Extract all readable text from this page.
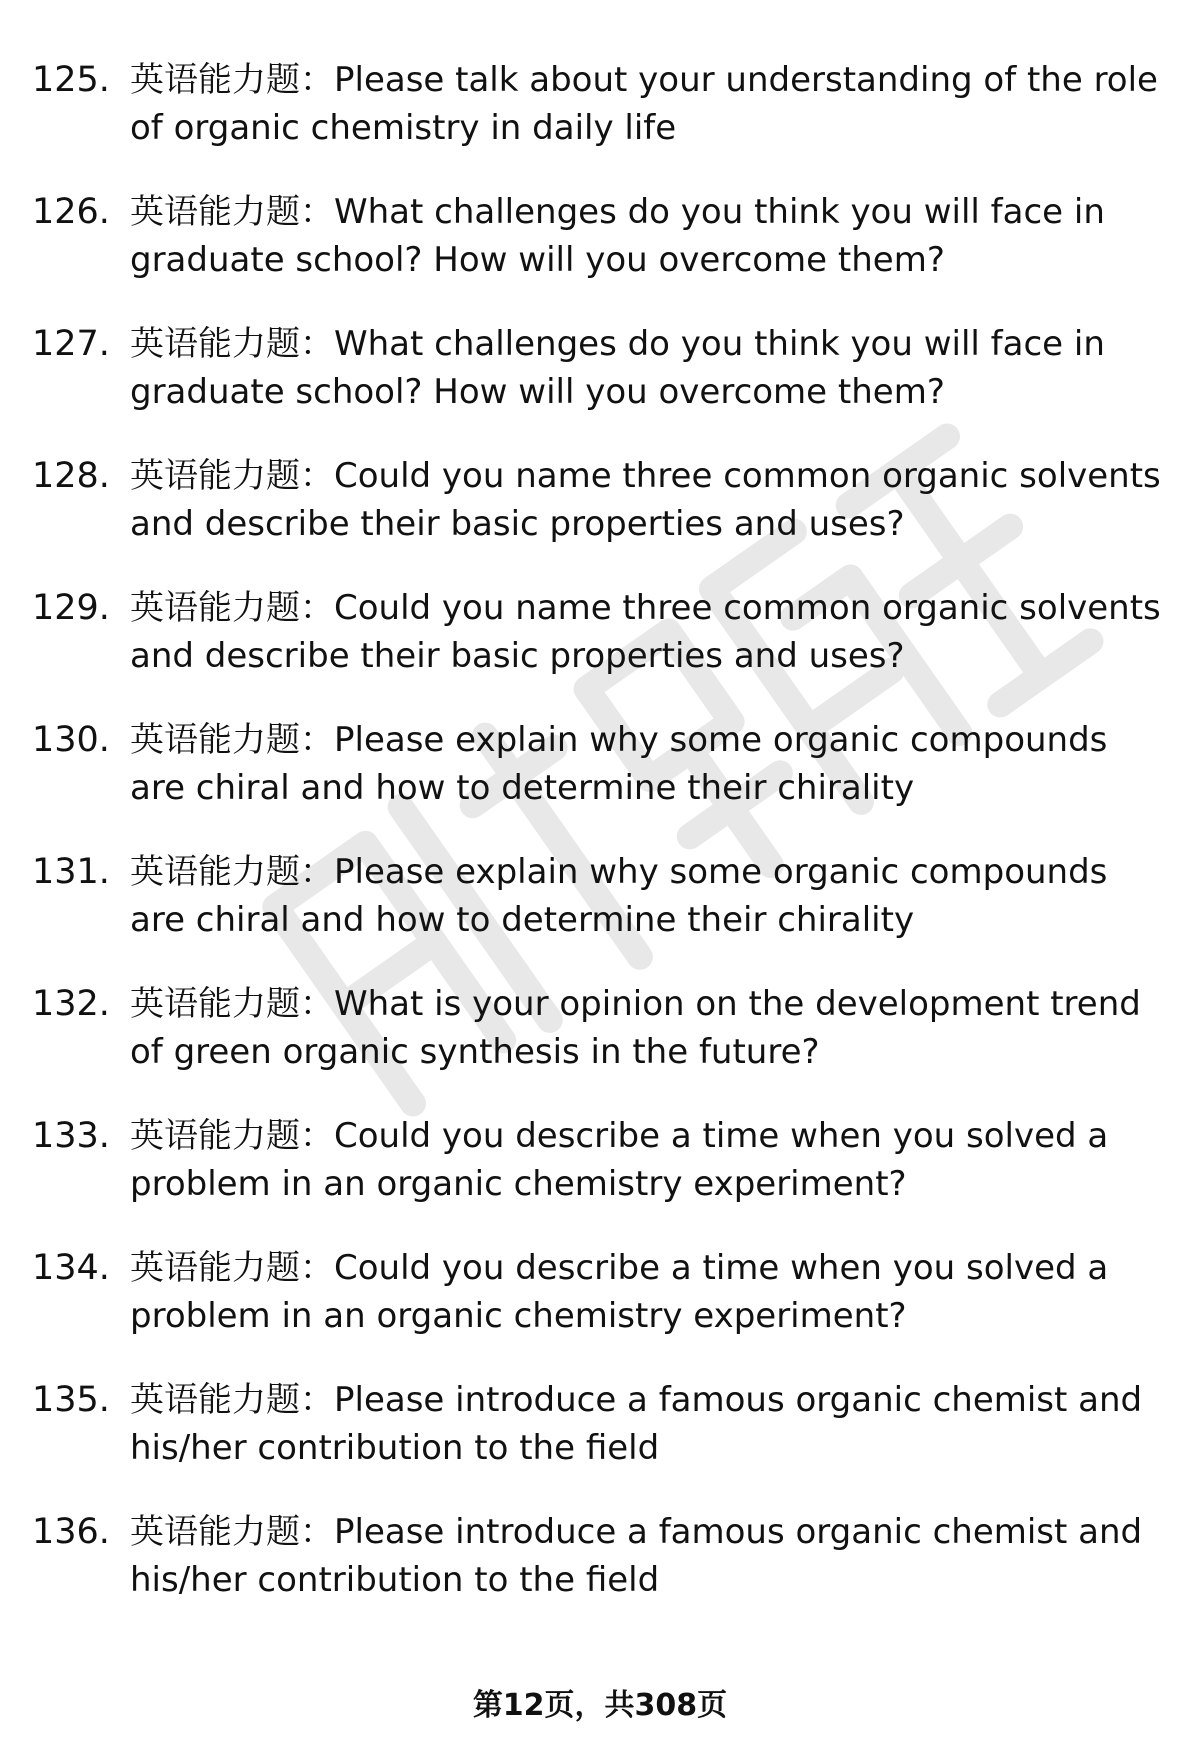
125. 英语能力题：Please talk about your understanding of the role of organic chemistry in daily life
126. 英语能力题：What challenges do you think you will face in graduate school? How will you overcome them?
127. 英语能力题：What challenges do you think you will face in graduate school? How will you overcome them?
128. 英语能力题：Could you name three common organic solvents and describe their basic properties and uses?
129. 英语能力题：Could you name three common organic solvents and describe their basic properties and uses?
130. 英语能力题：Please explain why some organic compounds are chiral and how to determine their chirality
131. 英语能力题：Please explain why some organic compounds are chiral and how to determine their chirality
132. 英语能力题：What is your opinion on the development trend of green organic synthesis in the future?
133. 英语能力题：Could you describe a time when you solved a problem in an organic chemistry experiment?
134. 英语能力题：Could you describe a time when you solved a problem in an organic chemistry experiment?
135. 英语能力题：Please introduce a famous organic chemist and his/her contribution to the field
136. 英语能力题：Please introduce a famous organic chemist and his/her contribution to the field
第12页，共308页
